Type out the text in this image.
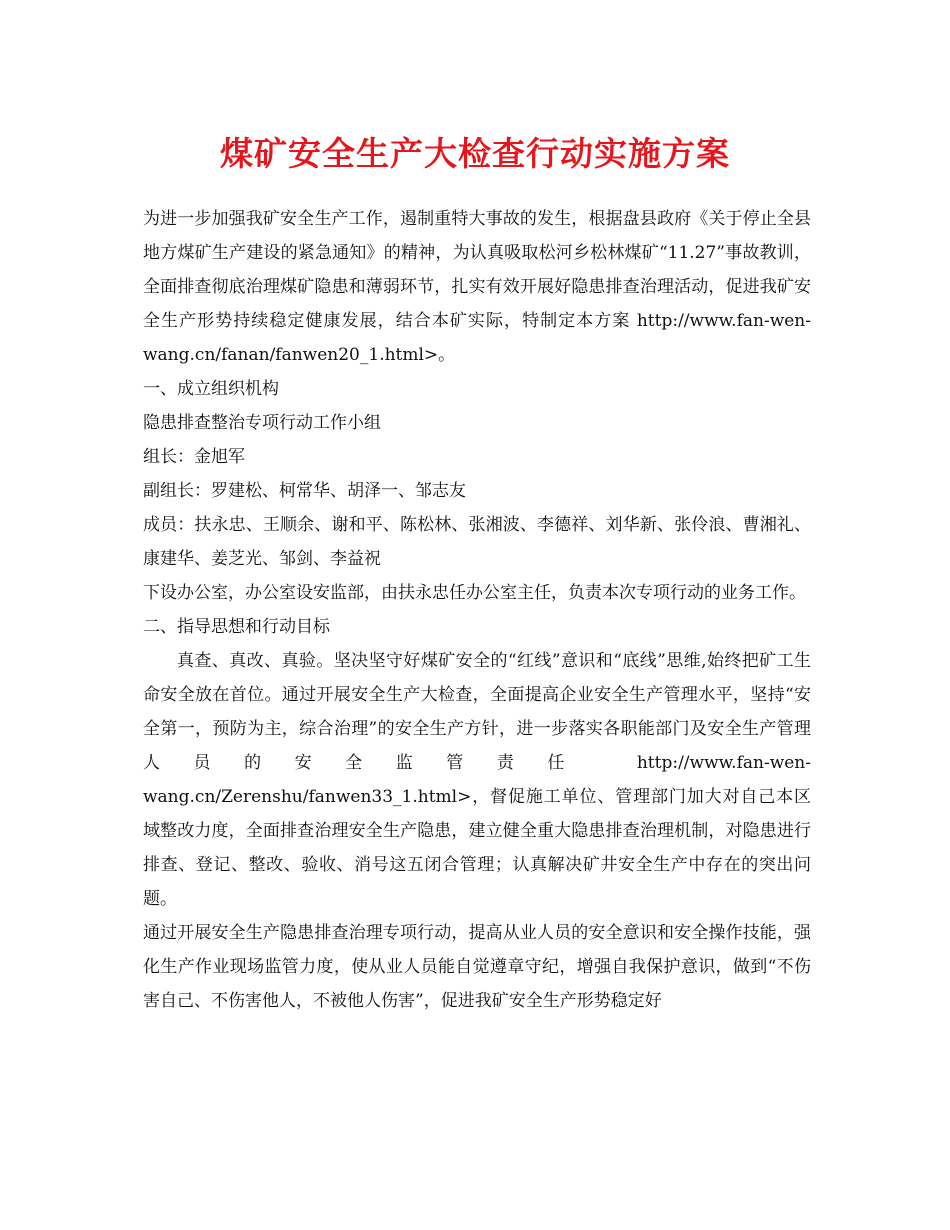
煤矿安全生产大检查行动实施方案

为进一步加强我矿安全生产工作，遏制重特大事故的发生，根据盘县政府《关于停止全县地方煤矿生产建设的紧急通知》的精神，为认真吸取松河乡松林煤矿“11.27”事故教训，全面排查彻底治理煤矿隐患和薄弱环节，扎实有效开展好隐患排查治理活动，促进我矿安全生产形势持续稳定健康发展，结合本矿实际，特制定本方案 http://www.fan-wen-wang.cn/fanan/fanwen20_1.html>。

一、成立组织机构

隐患排查整治专项行动工作小组

组长：金旭军

副组长：罗建松、柯常华、胡泽一、邹志友

成员：扶永忠、王顺余、谢和平、陈松林、张湘波、李德祥、刘华新、张伶浪、曹湘礼、康建华、姜芝光、邹剑、李益祝

下设办公室，办公室设安监部，由扶永忠任办公室主任，负责本次专项行动的业务工作。

二、指导思想和行动目标

真查、真改、真验。坚决坚守好煤矿安全的“红线”意识和“底线”思维,始终把矿工生命安全放在首位。通过开展安全生产大检查，全面提高企业安全生产管理水平，坚持“安全第一，预防为主，综合治理”的安全生产方针，进一步落实各职能部门及安全生产管理人员的安全监管责任 http://www.fan-wen-wang.cn/Zerenshu/fanwen33_1.html>，督促施工单位、管理部门加大对自己本区域整改力度，全面排查治理安全生产隐患，建立健全重大隐患排查治理机制，对隐患进行排查、登记、整改、验收、消号这五闭合管理；认真解决矿井安全生产中存在的突出问题。

通过开展安全生产隐患排查治理专项行动，提高从业人员的安全意识和安全操作技能，强化生产作业现场监管力度，使从业人员能自觉遵章守纪，增强自我保护意识，做到“不伤害自己、不伤害他人，不被他人伤害”，促进我矿安全生产形势稳定好
